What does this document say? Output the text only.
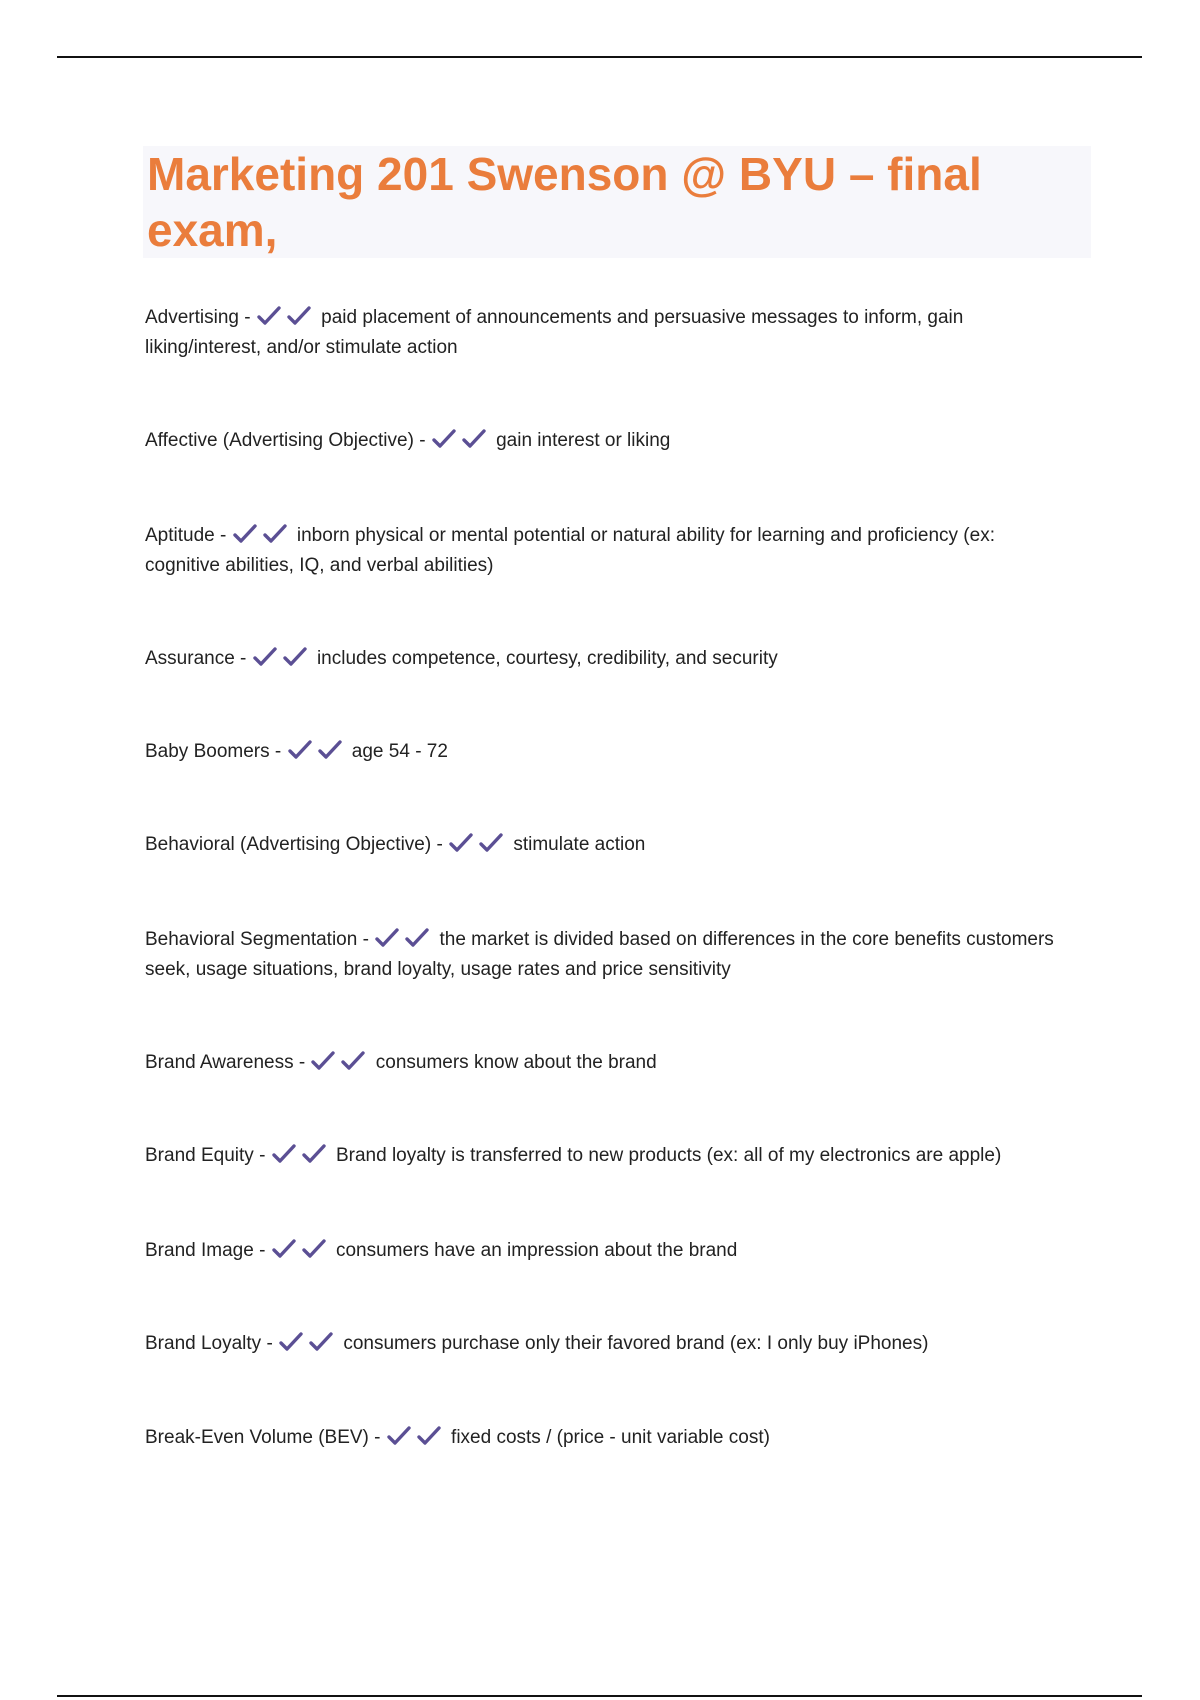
Marketing 201 Swenson @ BYU – final exam,
Advertising -	paid placement of announcements and persuasive messages to inform, gain liking/interest, and/or stimulate action
Affective (Advertising Objective) -	gain interest or liking
Aptitude -	inborn physical or mental potential or natural ability for learning and proficiency (ex: cognitive abilities, IQ, and verbal abilities)
Assurance -	includes competence, courtesy, credibility, and security
Baby Boomers -	age 54 - 72
Behavioral (Advertising Objective) -	stimulate action
Behavioral Segmentation -	the market is divided based on differences in the core benefits customers seek, usage situations, brand loyalty, usage rates and price sensitivity
Brand Awareness -	consumers know about the brand
Brand Equity -	Brand loyalty is transferred to new products (ex: all of my electronics are apple)
Brand Image -	consumers have an impression about the brand
Brand Loyalty -	consumers purchase only their favored brand (ex: I only buy iPhones)
Break-Even Volume (BEV) -	fixed costs / (price - unit variable cost)
